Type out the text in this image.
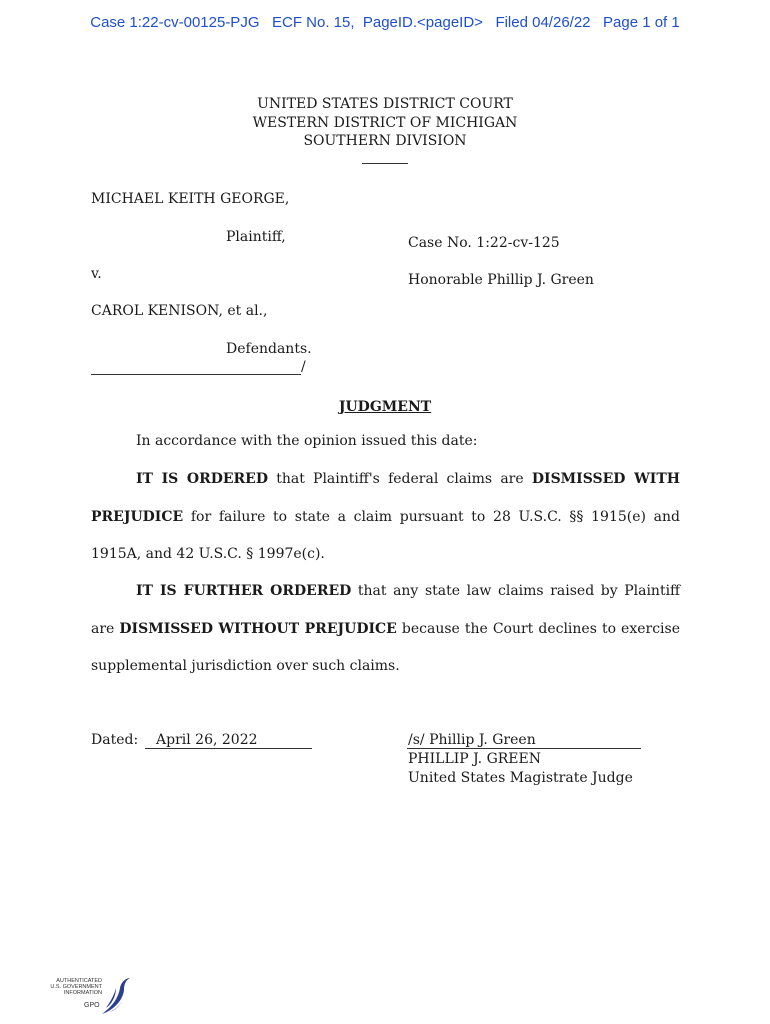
Case 1:22-cv-00125-PJG   ECF No. 15,  PageID.<pageID>   Filed 04/26/22   Page 1 of 1
UNITED STATES DISTRICT COURT
WESTERN DISTRICT OF MICHIGAN
SOUTHERN DIVISION
MICHAEL KEITH GEORGE,
Plaintiff,
v.
CAROL KENISON, et al.,
Defendants.
/
Case No. 1:22-cv-125
Honorable Phillip J. Green
JUDGMENT
In accordance with the opinion issued this date:
IT IS ORDERED that Plaintiff's federal claims are DISMISSED WITH PREJUDICE for failure to state a claim pursuant to 28 U.S.C. §§ 1915(e) and 1915A, and 42 U.S.C. § 1997e(c).
IT IS FURTHER ORDERED that any state law claims raised by Plaintiff are DISMISSED WITHOUT PREJUDICE because the Court declines to exercise supplemental jurisdiction over such claims.
Dated: April 26, 2022	/s/ Phillip J. Green
PHILLIP J. GREEN
United States Magistrate Judge
AUTHENTICATED
U.S. GOVERNMENT
INFORMATION
GPO
